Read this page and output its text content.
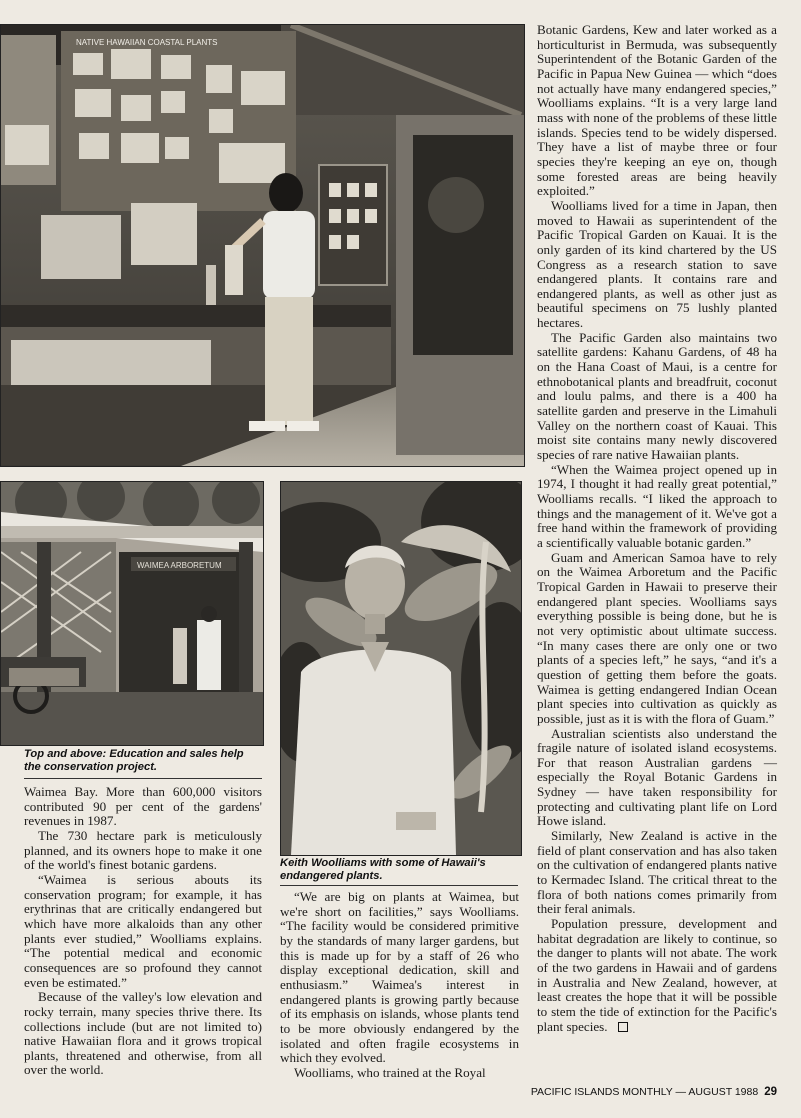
NATIVE HAWAIIAN COASTAL PLANTS
WAIMEA ARBORETUM
Top and above: Education and sales help the conservation project.
Keith Woolliams with some of Hawaii's endangered plants.

Waimea Bay. More than 600,000 visitors contributed 90 per cent of the gardens' revenues in 1987.

The 730 hectare park is meticulously planned, and its owners hope to make it one of the world's finest botanic gardens.

“Waimea is serious abouts its conservation program; for example, it has erythrinas that are critically endangered but which have more alkaloids than any other plants ever studied,” Woolliams explains. “The potential medical and economic consequences are so profound they cannot even be estimated.”

Because of the valley's low elevation and rocky terrain, many species thrive there. Its collections include (but are not limited to) native Hawaiian flora and it grows tropical plants, threatened and otherwise, from all over the world.

“We are big on plants at Waimea, but we're short on facilities,” says Woolliams. “The facility would be considered primitive by the standards of many larger gardens, but this is made up for by a staff of 26 who display exceptional dedication, skill and enthusiasm.” Waimea's interest in endangered plants is growing partly because of its emphasis on islands, whose plants tend to be more obviously endangered by the isolated and often fragile ecosystems in which they evolved.

Woolliams, who trained at the Royal

Botanic Gardens, Kew and later worked as a horticulturist in Bermuda, was subsequently Superintendent of the Botanic Garden of the Pacific in Papua New Guinea — which “does not actually have many endangered species,” Woolliams explains. “It is a very large land mass with none of the problems of these little islands. Species tend to be widely dispersed. They have a list of maybe three or four species they're keeping an eye on, though some forested areas are being heavily exploited.”

Woolliams lived for a time in Japan, then moved to Hawaii as superintendent of the Pacific Tropical Garden on Kauai. It is the only garden of its kind chartered by the US Congress as a research station to save endangered plants. It contains rare and endangered plants, as well as other just as beautiful specimens on 75 lushly planted hectares.

The Pacific Garden also maintains two satellite gardens: Kahanu Gardens, of 48 ha on the Hana Coast of Maui, is a centre for ethnobotanical plants and breadfruit, coconut and loulu palms, and there is a 400 ha satellite garden and preserve in the Limahuli Valley on the northern coast of Kauai. This moist site contains many newly discovered species of rare native Hawaiian plants.

“When the Waimea project opened up in 1974, I thought it had really great potential,” Woolliams recalls. “I liked the approach to things and the management of it. We've got a free hand within the framework of providing a scientifically valuable botanic garden.”

Guam and American Samoa have to rely on the Waimea Arboretum and the Pacific Tropical Garden in Hawaii to preserve their endangered plant species. Woolliams says everything possible is being done, but he is not very optimistic about ultimate success. “In many cases there are only one or two plants of a species left,” he says, “and it's a question of getting them before the goats. Waimea is getting endangered Indian Ocean plant species into cultivation as quickly as possible, just as it is with the flora of Guam.”

Australian scientists also understand the fragile nature of isolated island ecosystems. For that reason Australian gardens — especially the Royal Botanic Gardens in Sydney — have taken responsibility for protecting and cultivating plant life on Lord Howe island.

Similarly, New Zealand is active in the field of plant conservation and has also taken on the cultivation of endangered plants native to Kermadec Island. The critical threat to the flora of both nations comes primarily from their feral animals.

Population pressure, development and habitat degradation are likely to continue, so the danger to plants will not abate. The work of the two gardens in Hawaii and of gardens in Australia and New Zealand, however, at least creates the hope that it will be possible to stem the tide of extinction for the Pacific's plant species.

PACIFIC ISLANDS MONTHLY — AUGUST 1988 29
